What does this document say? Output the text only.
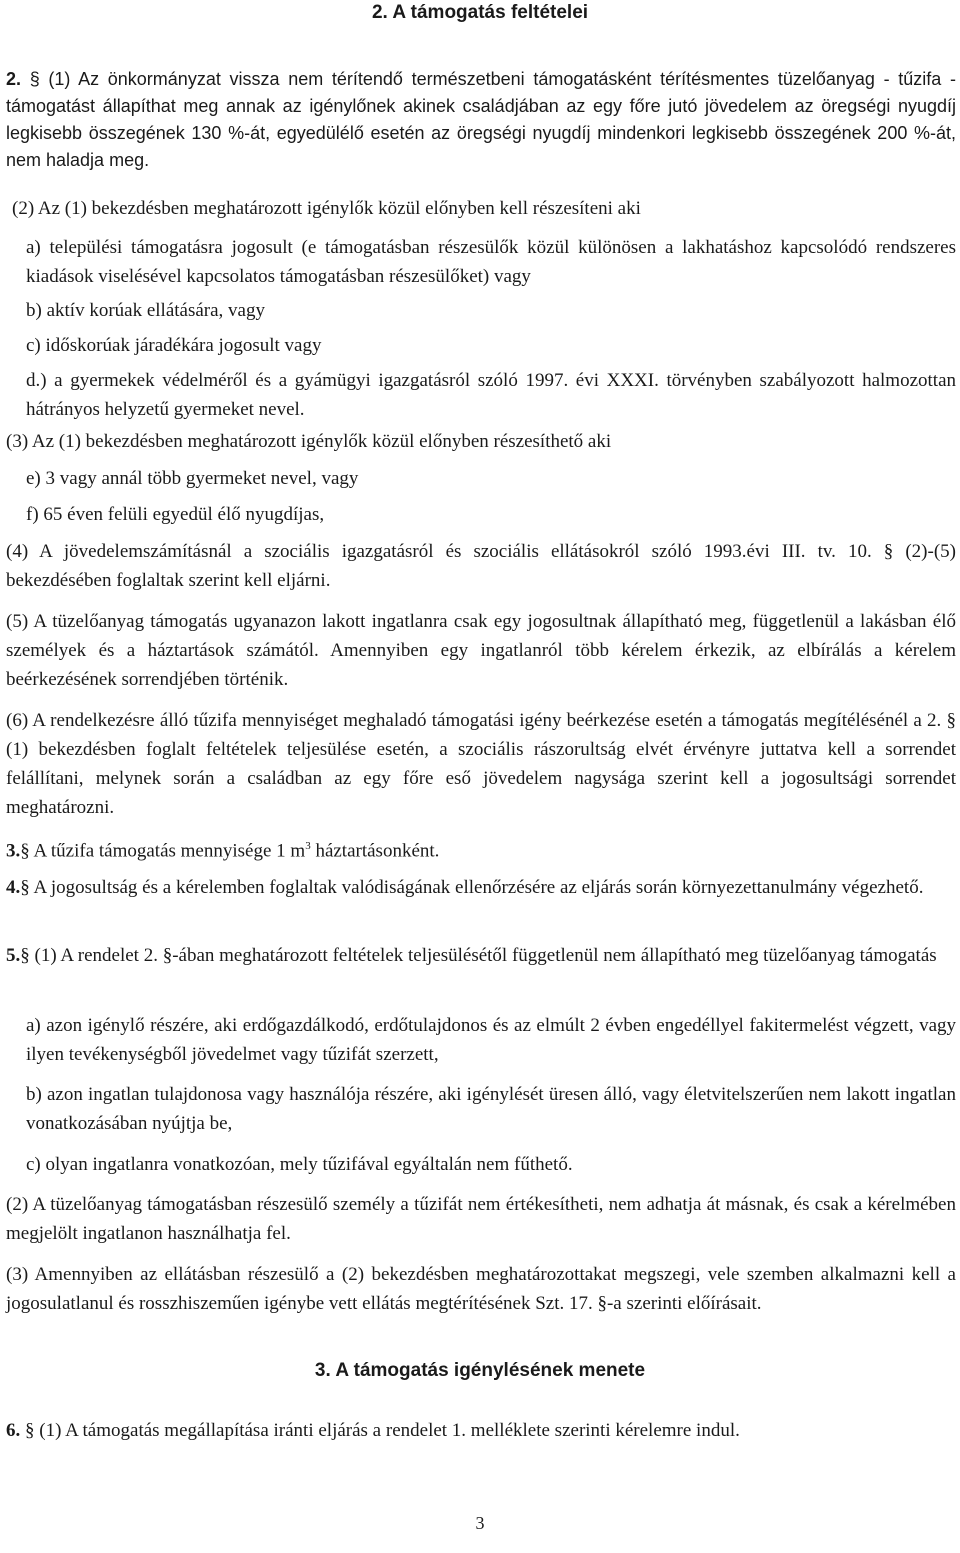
2. A támogatás feltételei

2. § (1) Az önkormányzat vissza nem térítendő természetbeni támogatásként térítésmentes tüzelőanyag - tűzifa - támogatást állapíthat meg annak az igénylőnek akinek családjában az egy főre jutó jövedelem az öregségi nyugdíj legkisebb összegének 130 %-át, egyedülélő esetén az öregségi nyugdíj mindenkori legkisebb összegének 200 %-át, nem haladja meg.

(2) Az (1) bekezdésben meghatározott igénylők közül előnyben kell részesíteni aki

a) települési támogatásra jogosult (e támogatásban részesülők közül különösen a lakhatáshoz kapcsolódó rendszeres kiadások viselésével kapcsolatos támogatásban részesülőket) vagy

b) aktív korúak ellátására, vagy

c) időskorúak járadékára jogosult vagy

d.) a gyermekek védelméről és a gyámügyi igazgatásról szóló 1997. évi XXXI. törvényben szabályozott halmozottan hátrányos helyzetű gyermeket nevel.

(3) Az (1) bekezdésben meghatározott igénylők közül előnyben részesíthető aki

e) 3 vagy annál több gyermeket nevel, vagy

f) 65 éven felüli egyedül élő nyugdíjas,

(4) A jövedelemszámításnál a szociális igazgatásról és szociális ellátásokról szóló 1993.évi III. tv. 10. § (2)-(5) bekezdésében foglaltak szerint kell eljárni.

(5) A tüzelőanyag támogatás ugyanazon lakott ingatlanra csak egy jogosultnak állapítható meg, függetlenül a lakásban élő személyek és a háztartások számától. Amennyiben egy ingatlanról több kérelem érkezik, az elbírálás a kérelem beérkezésének sorrendjében történik.

(6) A rendelkezésre álló tűzifa mennyiséget meghaladó támogatási igény beérkezése esetén a támogatás megítélésénél a 2. § (1) bekezdésben foglalt feltételek teljesülése esetén, a szociális rászorultság elvét érvényre juttatva kell a sorrendet felállítani, melynek során a családban az egy főre eső jövedelem nagysága szerint kell a jogosultsági sorrendet meghatározni.

3.§ A tűzifa támogatás mennyisége 1 $m^3$ háztartásonként.

4.§ A jogosultság és a kérelemben foglaltak valódiságának ellenőrzésére az eljárás során környezettanulmány végezhető.

5.§ (1) A rendelet 2. §-ában meghatározott feltételek teljesülésétől függetlenül nem állapítható meg tüzelőanyag támogatás

a) azon igénylő részére, aki erdőgazdálkodó, erdőtulajdonos és az elmúlt 2 évben engedéllyel fakitermelést végzett, vagy ilyen tevékenységből jövedelmet vagy tűzifát szerzett,

b) azon ingatlan tulajdonosa vagy használója részére, aki igénylését üresen álló, vagy életvitelszerűen nem lakott ingatlan vonatkozásában nyújtja be,

c) olyan ingatlanra vonatkozóan, mely tűzifával egyáltalán nem fűthető.

(2) A tüzelőanyag támogatásban részesülő személy a tűzifát nem értékesítheti, nem adhatja át másnak, és csak a kérelmében megjelölt ingatlanon használhatja fel.

(3) Amennyiben az ellátásban részesülő a (2) bekezdésben meghatározottakat megszegi, vele szemben alkalmazni kell a jogosulatlanul és rosszhiszeműen igénybe vett ellátás megtérítésének Szt. 17. §-a szerinti előírásait.

3. A támogatás igénylésének menete

6. § (1) A támogatás megállapítása iránti eljárás a rendelet 1. melléklete szerinti kérelemre indul.

3
